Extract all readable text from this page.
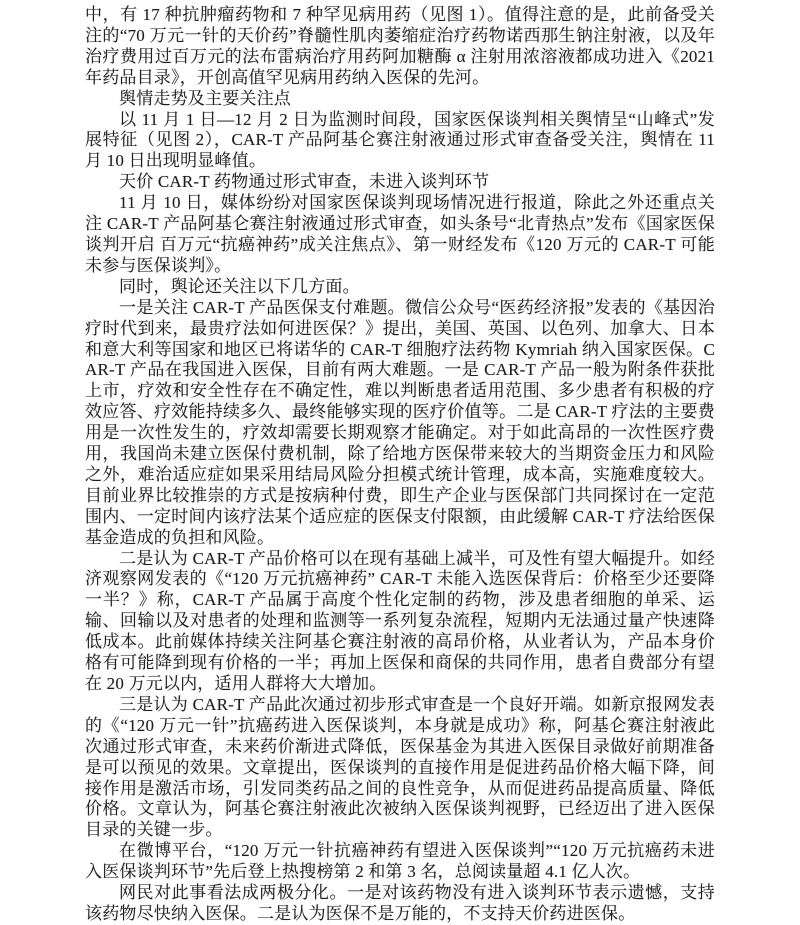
中，有 17 种抗肿瘤药物和 7 种罕见病用药（见图 1）。值得注意的是，此前备受关注的“70 万元一针的天价药”脊髓性肌肉萎缩症治疗药物诺西那生钠注射液，以及年治疗费用过百万元的法布雷病治疗用药阿加糖酶 α 注射用浓溶液都成功进入《2021 年药品目录》，开创高值罕见病用药纳入医保的先河。

舆情走势及主要关注点

以 11 月 1 日—12 月 2 日为监测时间段，国家医保谈判相关舆情呈“山峰式”发展特征（见图 2），CAR-T 产品阿基仑赛注射液通过形式审查备受关注，舆情在 11 月 10 日出现明显峰值。

天价 CAR-T 药物通过形式审查，未进入谈判环节

11 月 10 日，媒体纷纷对国家医保谈判现场情况进行报道，除此之外还重点关注 CAR-T 产品阿基仑赛注射液通过形式审查，如头条号“北青热点”发布《国家医保谈判开启 百万元“抗癌神药”成关注焦点》、第一财经发布《120 万元的 CAR-T 可能未参与医保谈判》。

同时，舆论还关注以下几方面。

一是关注 CAR-T 产品医保支付难题。微信公众号“医药经济报”发表的《基因治疗时代到来，最贵疗法如何进医保？》提出，美国、英国、以色列、加拿大、日本和意大利等国家和地区已将诺华的 CAR-T 细胞疗法药物 Kymriah 纳入国家医保。CAR-T 产品在我国进入医保，目前有两大难题。一是 CAR-T 产品一般为附条件获批上市，疗效和安全性存在不确定性，难以判断患者适用范围、多少患者有积极的疗效应答、疗效能持续多久、最终能够实现的医疗价值等。二是 CAR-T 疗法的主要费用是一次性发生的，疗效却需要长期观察才能确定。对于如此高昂的一次性医疗费用，我国尚未建立医保付费机制，除了给地方医保带来较大的当期资金压力和风险之外，难治适应症如果采用结局风险分担模式统计管理，成本高，实施难度较大。目前业界比较推崇的方式是按病种付费，即生产企业与医保部门共同探讨在一定范围内、一定时间内该疗法某个适应症的医保支付限额，由此缓解 CAR-T 疗法给医保基金造成的负担和风险。

二是认为 CAR-T 产品价格可以在现有基础上减半，可及性有望大幅提升。如经济观察网发表的《“120 万元抗癌神药” CAR-T 未能入选医保背后：价格至少还要降一半？》称，CAR-T 产品属于高度个性化定制的药物，涉及患者细胞的单采、运输、回输以及对患者的处理和监测等一系列复杂流程，短期内无法通过量产快速降低成本。此前媒体持续关注阿基仑赛注射液的高昂价格，从业者认为，产品本身价格有可能降到现有价格的一半；再加上医保和商保的共同作用，患者自费部分有望在 20 万元以内，适用人群将大大增加。

三是认为 CAR-T 产品此次通过初步形式审查是一个良好开端。如新京报网发表的《“120 万元一针”抗癌药进入医保谈判，本身就是成功》称，阿基仑赛注射液此次通过形式审查，未来药价渐进式降低，医保基金为其进入医保目录做好前期准备是可以预见的效果。文章提出，医保谈判的直接作用是促进药品价格大幅下降，间接作用是激活市场，引发同类药品之间的良性竞争，从而促进药品提高质量、降低价格。文章认为，阿基仑赛注射液此次被纳入医保谈判视野，已经迈出了进入医保目录的关键一步。

在微博平台，“120 万元一针抗癌神药有望进入医保谈判”“120 万元抗癌药未进入医保谈判环节”先后登上热搜榜第 2 和第 3 名，总阅读量超 4.1 亿人次。

网民对此事看法成两极分化。一是对该药物没有进入谈判环节表示遗憾，支持该药物尽快纳入医保。二是认为医保不是万能的，不支持天价药进医保。
